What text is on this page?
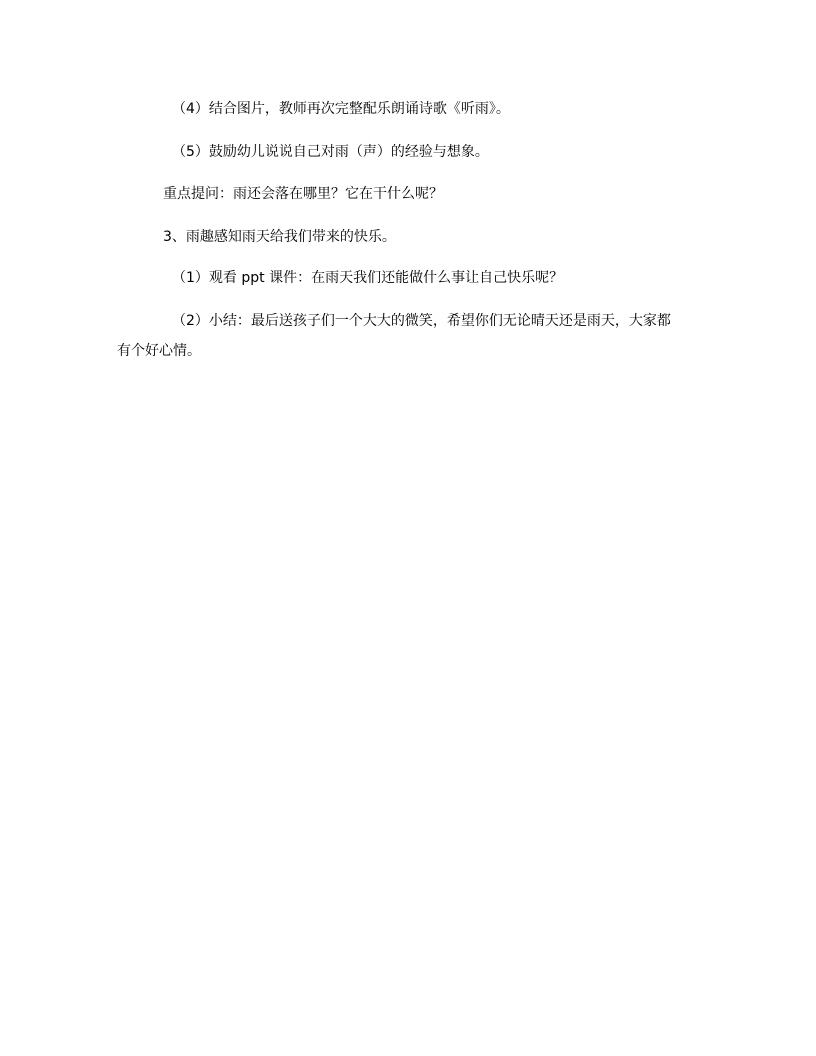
（4）结合图片，教师再次完整配乐朗诵诗歌《听雨》。
（5）鼓励幼儿说说自己对雨（声）的经验与想象。
重点提问：雨还会落在哪里？它在干什么呢？
3、雨趣感知雨天给我们带来的快乐。
（1）观看 ppt 课件：在雨天我们还能做什么事让自己快乐呢？
（2）小结：最后送孩子们一个大大的微笑，希望你们无论晴天还是雨天，大家都
有个好心情。
